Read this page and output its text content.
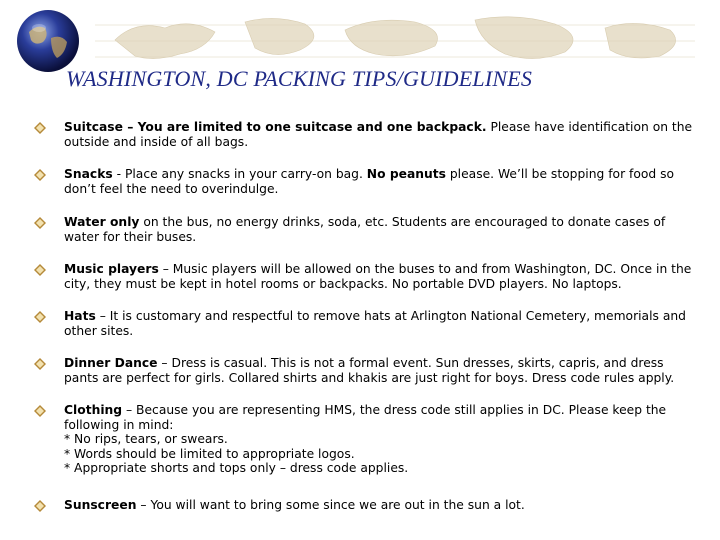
WASHINGTON, DC PACKING TIPS/GUIDELINES
Suitcase – You are limited to one suitcase and one backpack. Please have identification on the outside and inside of all bags.
Snacks - Place any snacks in your carry-on bag. No peanuts please. We’ll be stopping for food so don’t feel the need to overindulge.
Water only on the bus, no energy drinks, soda, etc. Students are encouraged to donate cases of water for their buses.
Music players – Music players will be allowed on the buses to and from Washington, DC. Once in the city, they must be kept in hotel rooms or backpacks. No portable DVD players. No laptops.
Hats – It is customary and respectful to remove hats at Arlington National Cemetery, memorials and other sites.
Dinner Dance – Dress is casual. This is not a formal event. Sun dresses, skirts, capris, and dress pants are perfect for girls. Collared shirts and khakis are just right for boys. Dress code rules apply.
Clothing – Because you are representing HMS, the dress code still applies in DC. Please keep the following in mind:
* No rips, tears, or swears.
* Words should be limited to appropriate logos.
* Appropriate shorts and tops only – dress code applies.
Sunscreen – You will want to bring some since we are out in the sun a lot.
